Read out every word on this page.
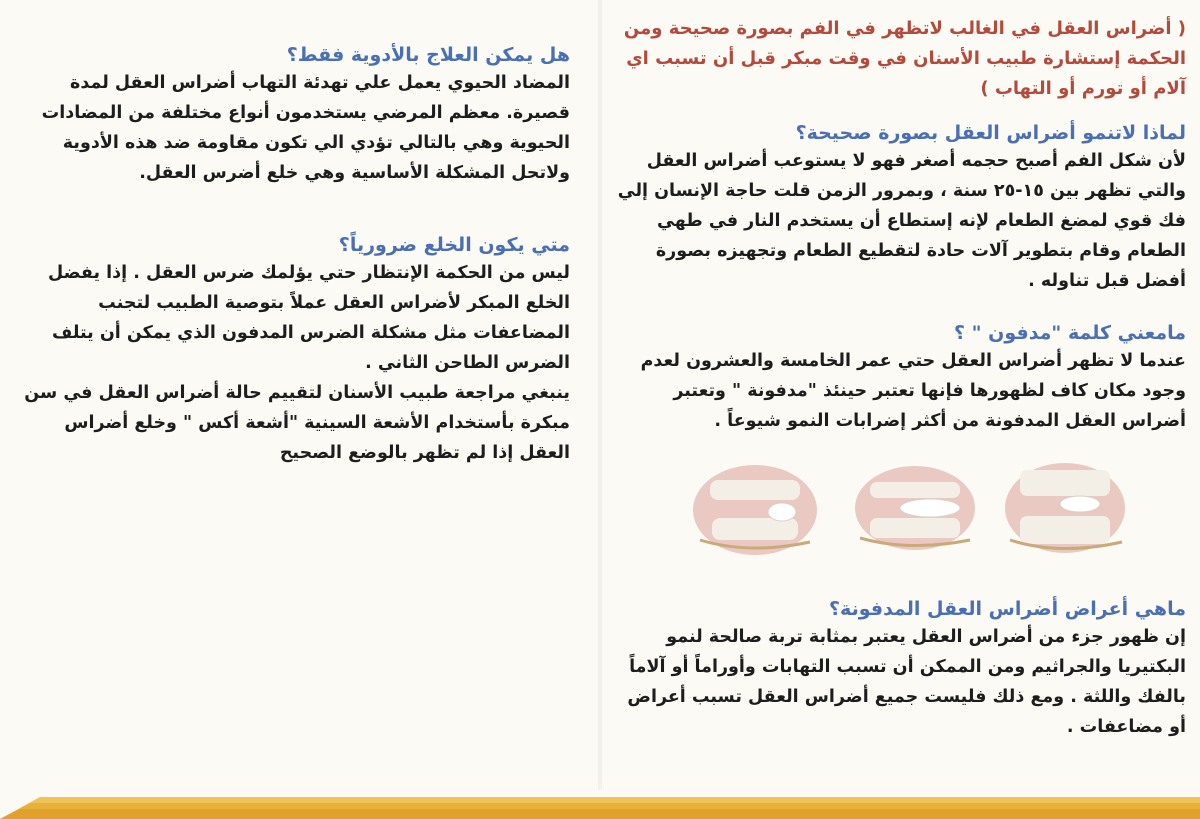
هل يمكن العلاج بالأدوية فقط؟

المضاد الحيوي يعمل علي تهدئة التهاب أضراس العقل لمدة قصيرة. معظم المرضي يستخدمون أنواع مختلفة من المضادات الحيوية وهي بالتالي تؤدي الي تكون مقاومة ضد هذه الأدوية ولاتحل المشكلة الأساسية وهي خلع أضرس العقل.

متي يكون الخلع ضرورياً؟

ليس من الحكمة الإنتظار حتي يؤلمك ضرس العقل . إذا يفضل الخلع المبكر لأضراس العقل عملاً بتوصية الطبيب لتجنب المضاعفات مثل مشكلة الضرس المدفون الذي يمكن أن يتلف الضرس الطاحن الثاني .

ينبغي مراجعة طبيب الأسنان لتقييم حالة أضراس العقل في سن مبكرة بأستخدام الأشعة السينية "أشعة أكس " وخلع أضراس العقل إذا لم تظهر بالوضع الصحيح

( أضراس العقل في الغالب لاتظهر في الفم بصورة صحيحة ومن الحكمة إستشارة طبيب الأسنان في وقت مبكر قبل أن تسبب اي آلام أو تورم أو التهاب )

لماذا لاتنمو أضراس العقل بصورة صحيحة؟

لأن شكل الفم أصبح حجمه أصغر فهو لا يستوعب أضراس العقل والتي تظهر بين ١٥-٢٥ سنة ، وبمرور الزمن قلت حاجة الإنسان إلي فك قوي لمضغ الطعام لإنه إستطاع أن يستخدم النار في طهي الطعام وقام بتطوير آلات حادة لتقطيع الطعام وتجهيزه بصورة أفضل قبل تناوله .

مامعني كلمة "مدفون " ؟

عندما لا تظهر أضراس العقل حتي عمر الخامسة والعشرون لعدم وجود مكان كاف لظهورها فإنها تعتبر حينئذ "مدفونة " وتعتبر أضراس العقل المدفونة من أكثر إضرابات النمو شيوعاً .

ماهي أعراض أضراس العقل المدفونة؟

إن ظهور جزء من أضراس العقل يعتبر بمثابة تربة صالحة لنمو البكتيريا والجراثيم ومن الممكن أن تسبب التهابات وأوراماً أو آلاماً بالفك واللثة . ومع ذلك فليست جميع أضراس العقل تسبب أعراض أو مضاعفات .
